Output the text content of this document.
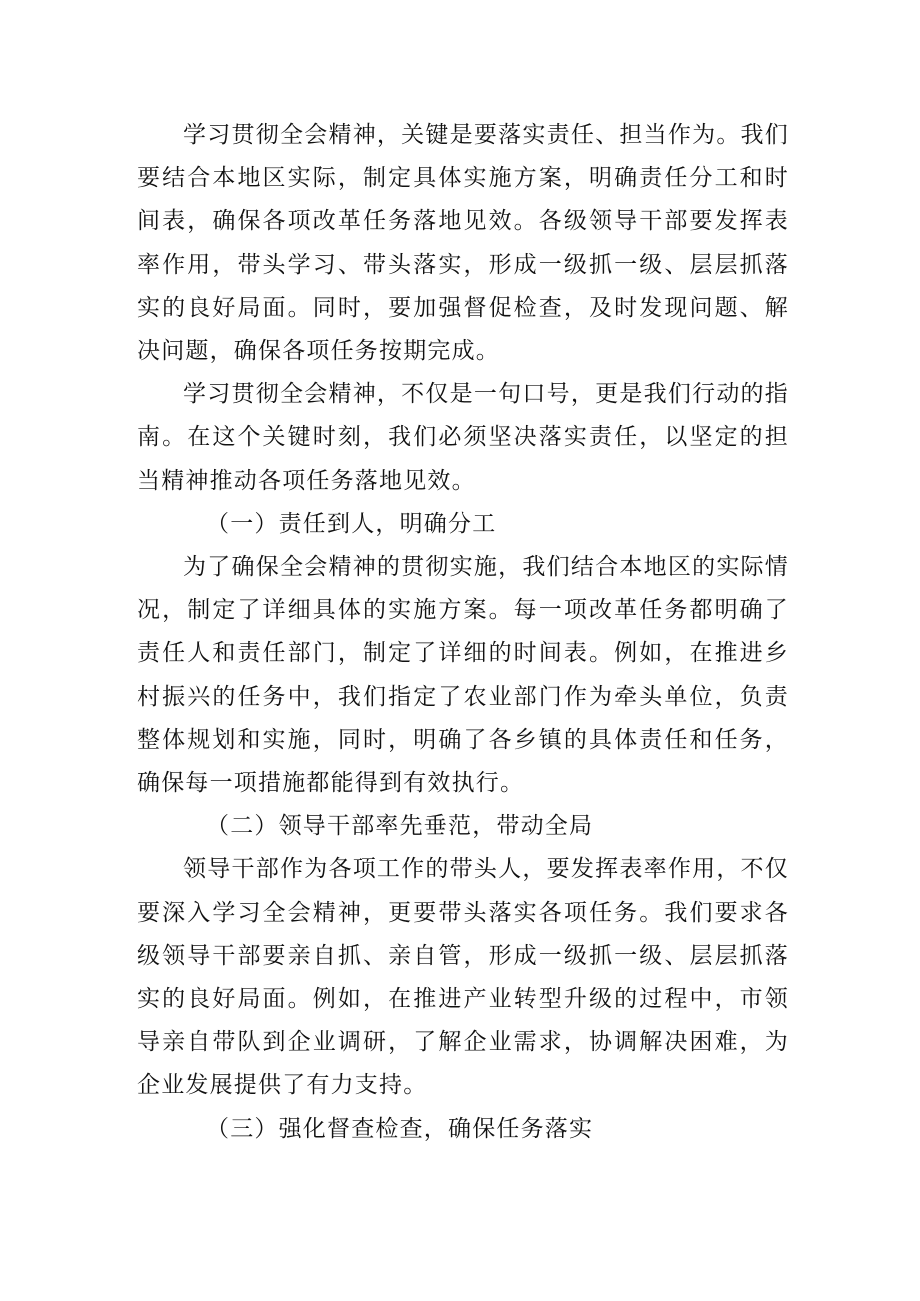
学习贯彻全会精神，关键是要落实责任、担当作为。我们要结合本地区实际，制定具体实施方案，明确责任分工和时间表，确保各项改革任务落地见效。各级领导干部要发挥表率作用，带头学习、带头落实，形成一级抓一级、层层抓落实的良好局面。同时，要加强督促检查，及时发现问题、解决问题，确保各项任务按期完成。

学习贯彻全会精神，不仅是一句口号，更是我们行动的指南。在这个关键时刻，我们必须坚决落实责任，以坚定的担当精神推动各项任务落地见效。

（一）责任到人，明确分工

为了确保全会精神的贯彻实施，我们结合本地区的实际情况，制定了详细具体的实施方案。每一项改革任务都明确了责任人和责任部门，制定了详细的时间表。例如，在推进乡村振兴的任务中，我们指定了农业部门作为牵头单位，负责整体规划和实施，同时，明确了各乡镇的具体责任和任务，确保每一项措施都能得到有效执行。

（二）领导干部率先垂范，带动全局

领导干部作为各项工作的带头人，要发挥表率作用，不仅要深入学习全会精神，更要带头落实各项任务。我们要求各级领导干部要亲自抓、亲自管，形成一级抓一级、层层抓落实的良好局面。例如，在推进产业转型升级的过程中，市领导亲自带队到企业调研，了解企业需求，协调解决困难，为企业发展提供了有力支持。

（三）强化督查检查，确保任务落实
